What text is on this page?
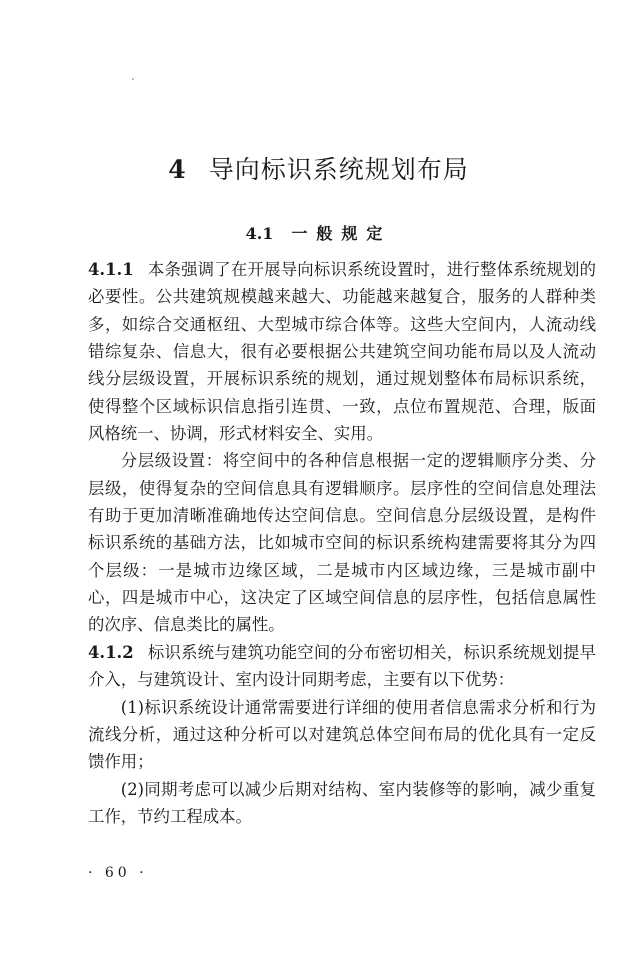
4 导向标识系统规划布局
4.1 一般规定

4.1.1 本条强调了在开展导向标识系统设置时，进行整体系统规划的必要性。公共建筑规模越来越大、功能越来越复合，服务的人群种类多，如综合交通枢纽、大型城市综合体等。这些大空间内，人流动线错综复杂、信息大，很有必要根据公共建筑空间功能布局以及人流动线分层级设置，开展标识系统的规划，通过规划整体布局标识系统，使得整个区域标识信息指引连贯、一致，点位布置规范、合理，版面风格统一、协调，形式材料安全、实用。

分层级设置：将空间中的各种信息根据一定的逻辑顺序分类、分层级，使得复杂的空间信息具有逻辑顺序。层序性的空间信息处理法有助于更加清晰准确地传达空间信息。空间信息分层级设置，是构件标识系统的基础方法，比如城市空间的标识系统构建需要将其分为四个层级：一是城市边缘区域，二是城市内区域边缘，三是城市副中心，四是城市中心，这决定了区域空间信息的层序性，包括信息属性的次序、信息类比的属性。

4.1.2 标识系统与建筑功能空间的分布密切相关，标识系统规划提早介入，与建筑设计、室内设计同期考虑，主要有以下优势：

(1)标识系统设计通常需要进行详细的使用者信息需求分析和行为流线分析，通过这种分析可以对建筑总体空间布局的优化具有一定反馈作用；

(2)同期考虑可以减少后期对结构、室内装修等的影响，减少重复工作，节约工程成本。

· 60 ·
